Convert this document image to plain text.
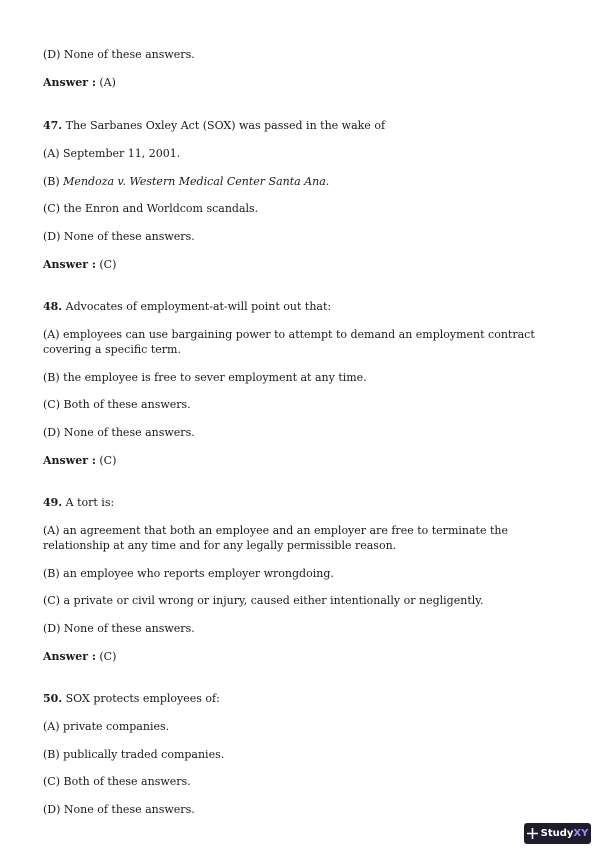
(D) None of these answers.
Answer : (A)
47. The Sarbanes Oxley Act (SOX) was passed in the wake of
(A) September 11, 2001.
(B) Mendoza v. Western Medical Center Santa Ana.
(C) the Enron and Worldcom scandals.
(D) None of these answers.
Answer : (C)
48. Advocates of employment-at-will point out that:
(A) employees can use bargaining power to attempt to demand an employment contract covering a specific term.
(B) the employee is free to sever employment at any time.
(C) Both of these answers.
(D) None of these answers.
Answer : (C)
49. A tort is:
(A) an agreement that both an employee and an employer are free to terminate the relationship at any time and for any legally permissible reason.
(B) an employee who reports employer wrongdoing.
(C) a private or civil wrong or injury, caused either intentionally or negligently.
(D) None of these answers.
Answer : (C)
50. SOX protects employees of:
(A) private companies.
(B) publically traded companies.
(C) Both of these answers.
(D) None of these answers.
StudyXY
